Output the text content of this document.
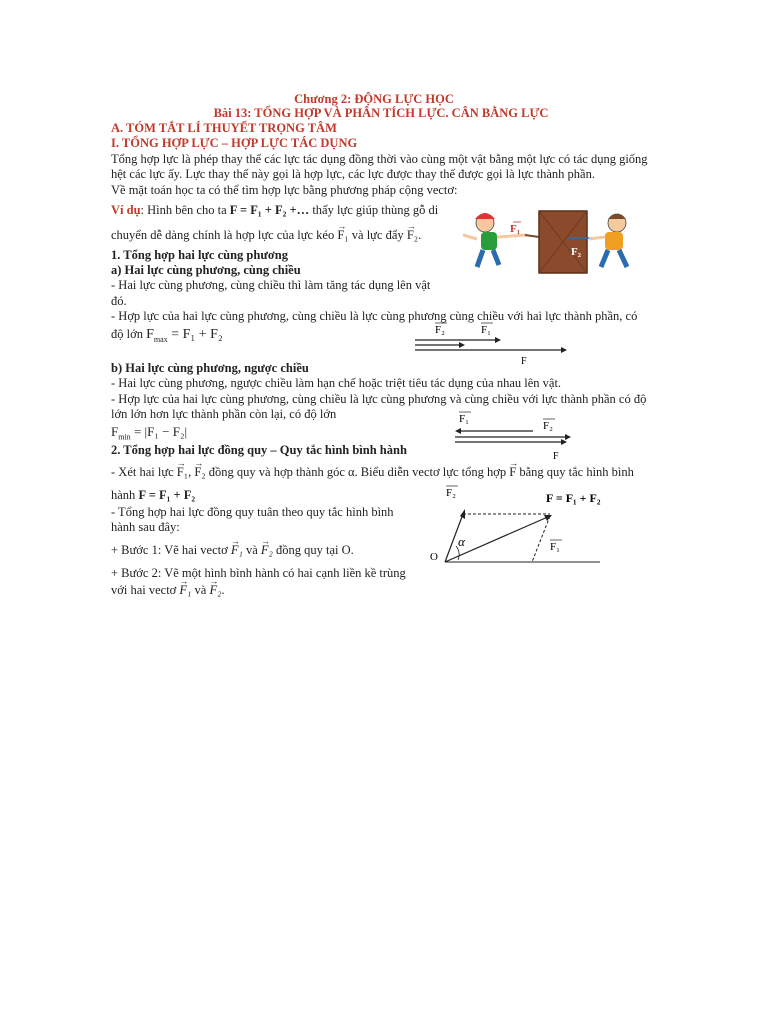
Chương 2: ĐỘNG LỰC HỌC
Bài 13: TỔNG HỢP VÀ PHÂN TÍCH LỰC. CÂN BẰNG LỰC
A. TÓM TẮT LÍ THUYẾT TRỌNG TÂM
I. TỔNG HỢP LỰC – HỢP LỰC TÁC DỤNG
Tổng hợp lực là phép thay thế các lực tác dụng đồng thời vào cùng một vật bằng một lực có tác dụng giống
hệt các lực ấy. Lực thay thế này gọi là hợp lực, các lực được thay thế được gọi là lực thành phần.
Về mặt toán học ta có thể tìm hợp lực bằng phương pháp cộng vectơ:
Ví dụ: Hình bên cho ta F = F₁ + F₂ +… thấy lực giúp thùng gỗ di
chuyển dễ dàng chính là hợp lực của lực kéo → F₁ và lực đẩy → F₂.	F₁
F₂
1. Tổng hợp hai lực cùng phương
a) Hai lực cùng phương, cùng chiều
- Hai lực cùng phương, cùng chiều thì làm tăng tác dụng lên vật
đó.
- Hợp lực của hai lực cùng phương, cùng chiều là lực cùng phương cùng chiều với hai lực thành phần, có
độ lớn $F_{max} = F_1 + F_2$	F₂	F₁
F
b) Hai lực cùng phương, ngược chiều
- Hai lực cùng phương, ngược chiều làm hạn chế hoặc triệt tiêu tác dụng của nhau lên vật.
- Hợp lực của hai lực cùng phương, cùng chiều là lực cùng phương và cùng chiều với lực thành phần có độ
lớn lớn hơn lực thành phần còn lại, có độ lớn
$F_{min} = |F_1 - F_2|$
F₁
F₂
F
2. Tổng hợp hai lực đồng quy – Quy tắc hình bình hành
- Xét hai lực → F₁, → F₂ đồng quy và hợp thành góc α. Biểu diễn vectơ lực tổng hợp → F bằng quy tắc hình bình
hành F = F₁ + F₂
- Tổng hợp hai lực đồng quy tuân theo quy tắc hình bình
hành sau đây:
+ Bước 1: Vẽ hai vectơ → F₁ và → F₂ đồng quy tại O.
+ Bước 2: Vẽ một hình bình hành có hai cạnh liền kề trùng
với hai vectơ → F₁ và → F₂.
F₂	F = F₁ + F₂
α
O
F₁
